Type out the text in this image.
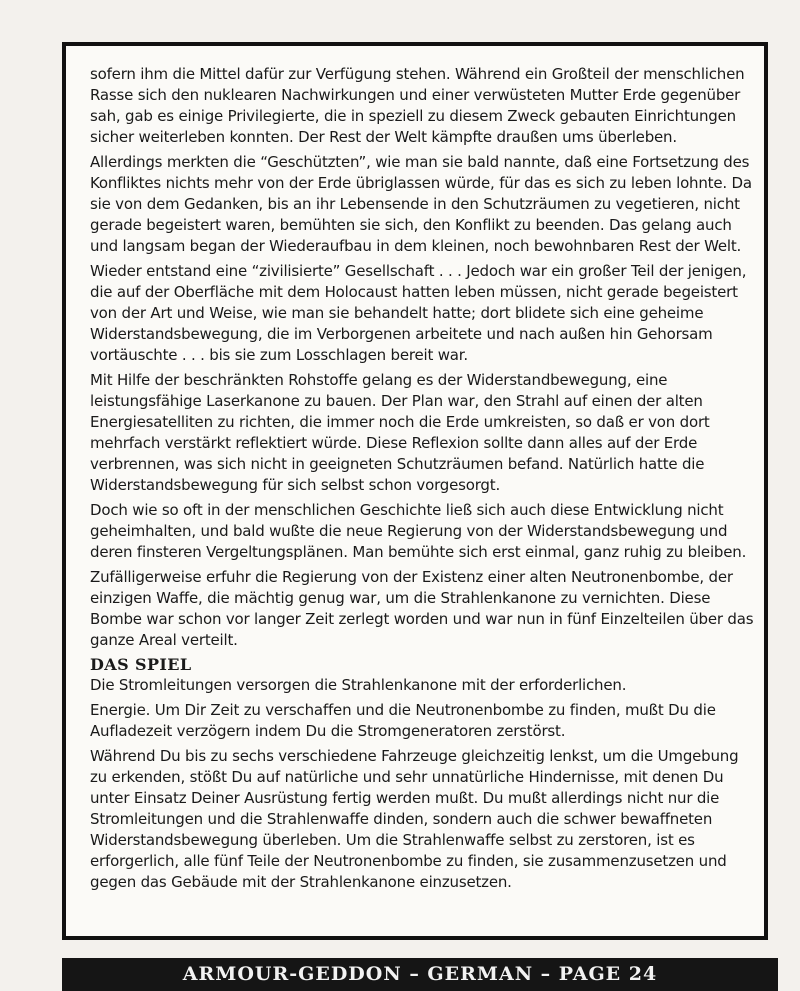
sofern ihm die Mittel dafür zur Verfügung stehen. Während ein Großteil der menschlichen Rasse sich den nuklearen Nachwirkungen und einer verwüsteten Mutter Erde gegenüber sah, gab es einige Privilegierte, die in speziell zu diesem Zweck gebauten Einrichtungen sicher weiterleben konnten. Der Rest der Welt kämpfte draußen ums überleben.

Allerdings merkten die “Geschützten”, wie man sie bald nannte, daß eine Fortsetzung des Konfliktes nichts mehr von der Erde übriglassen würde, für das es sich zu leben lohnte. Da sie von dem Gedanken, bis an ihr Lebensende in den Schutzräumen zu vegetieren, nicht gerade begeistert waren, bemühten sie sich, den Konflikt zu beenden. Das gelang auch und langsam began der Wiederaufbau in dem kleinen, noch bewohnbaren Rest der Welt.

Wieder entstand eine “zivilisierte” Gesellschaft . . . Jedoch war ein großer Teil der jenigen, die auf der Oberfläche mit dem Holocaust hatten leben müssen, nicht gerade begeistert von der Art und Weise, wie man sie behandelt hatte; dort blidete sich eine geheime Widerstandsbewegung, die im Verborgenen arbeitete und nach außen hin Gehorsam vortäuschte . . . bis sie zum Losschlagen bereit war.

Mit Hilfe der beschränkten Rohstoffe gelang es der Widerstandbewegung, eine leistungsfähige Laserkanone zu bauen. Der Plan war, den Strahl auf einen der alten Energiesatelliten zu richten, die immer noch die Erde umkreisten, so daß er von dort mehrfach verstärkt reflektiert würde. Diese Reflexion sollte dann alles auf der Erde verbrennen, was sich nicht in geeigneten Schutzräumen befand. Natürlich hatte die Widerstandsbewegung für sich selbst schon vorgesorgt.

Doch wie so oft in der menschlichen Geschichte ließ sich auch diese Entwicklung nicht geheimhalten, und bald wußte die neue Regierung von der Widerstandsbewegung und deren finsteren Vergeltungsplänen. Man bemühte sich erst einmal, ganz ruhig zu bleiben.

Zufälligerweise erfuhr die Regierung von der Existenz einer alten Neutronenbombe, der einzigen Waffe, die mächtig genug war, um die Strahlenkanone zu vernichten. Diese Bombe war schon vor langer Zeit zerlegt worden und war nun in fünf Einzelteilen über das ganze Areal verteilt.

DAS SPIEL

Die Stromleitungen versorgen die Strahlenkanone mit der erforderlichen.

Energie. Um Dir Zeit zu verschaffen und die Neutronenbombe zu finden, mußt Du die Aufladezeit verzögern indem Du die Stromgeneratoren zerstörst.

Während Du bis zu sechs verschiedene Fahrzeuge gleichzeitig lenkst, um die Umgebung zu erkenden, stößt Du auf natürliche und sehr unnatürliche Hindernisse, mit denen Du unter Einsatz Deiner Ausrüstung fertig werden mußt. Du mußt allerdings nicht nur die Stromleitungen und die Strahlenwaffe dinden, sondern auch die schwer bewaffneten Widerstandsbewegung überleben. Um die Strahlenwaffe selbst zu zerstoren, ist es erforgerlich, alle fünf Teile der Neutronenbombe zu finden, sie zusammenzusetzen und gegen das Gebäude mit der Strahlenkanone einzusetzen.

ARMOUR-GEDDON – GERMAN – PAGE 24
